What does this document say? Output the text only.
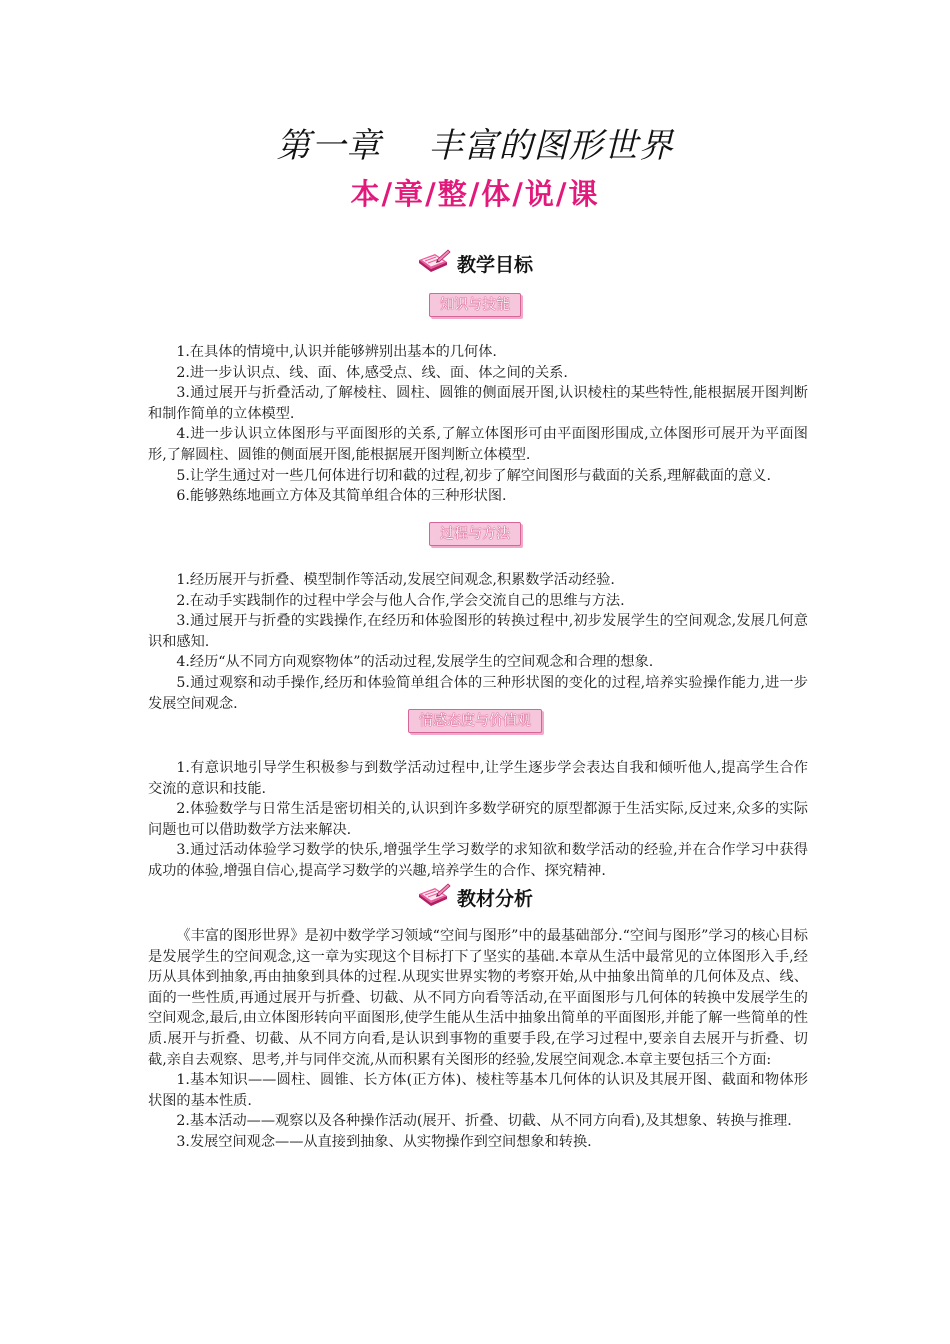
第一章    丰富的图形世界
本/章/整/体/说/课
教学目标
知识与技能

1.在具体的情境中,认识并能够辨别出基本的几何体.

2.进一步认识点、线、面、体,感受点、线、面、体之间的关系.

3.通过展开与折叠活动,了解棱柱、圆柱、圆锥的侧面展开图,认识棱柱的某些特性,能根据展开图判断和制作简单的立体模型.

4.进一步认识立体图形与平面图形的关系,了解立体图形可由平面图形围成,立体图形可展开为平面图形,了解圆柱、圆锥的侧面展开图,能根据展开图判断立体模型.

5.让学生通过对一些几何体进行切和截的过程,初步了解空间图形与截面的关系,理解截面的意义.

6.能够熟练地画立方体及其简单组合体的三种形状图.

过程与方法

1.经历展开与折叠、模型制作等活动,发展空间观念,积累数学活动经验.

2.在动手实践制作的过程中学会与他人合作,学会交流自己的思维与方法.

3.通过展开与折叠的实践操作,在经历和体验图形的转换过程中,初步发展学生的空间观念,发展几何意识和感知.

4.经历“从不同方向观察物体”的活动过程,发展学生的空间观念和合理的想象.

5.通过观察和动手操作,经历和体验简单组合体的三种形状图的变化的过程,培养实验操作能力,进一步发展空间观念.

情感态度与价值观

1.有意识地引导学生积极参与到数学活动过程中,让学生逐步学会表达自我和倾听他人,提高学生合作交流的意识和技能.

2.体验数学与日常生活是密切相关的,认识到许多数学研究的原型都源于生活实际,反过来,众多的实际问题也可以借助数学方法来解决.

3.通过活动体验学习数学的快乐,增强学生学习数学的求知欲和数学活动的经验,并在合作学习中获得成功的体验,增强自信心,提高学习数学的兴趣,培养学生的合作、探究精神.

教材分析

《丰富的图形世界》是初中数学学习领域“空间与图形”中的最基础部分.“空间与图形”学习的核心目标是发展学生的空间观念,这一章为实现这个目标打下了坚实的基础.本章从生活中最常见的立体图形入手,经历从具体到抽象,再由抽象到具体的过程.从现实世界实物的考察开始,从中抽象出简单的几何体及点、线、面的一些性质,再通过展开与折叠、切截、从不同方向看等活动,在平面图形与几何体的转换中发展学生的空间观念,最后,由立体图形转向平面图形,使学生能从生活中抽象出简单的平面图形,并能了解一些简单的性质.展开与折叠、切截、从不同方向看,是认识到事物的重要手段,在学习过程中,要亲自去展开与折叠、切截,亲自去观察、思考,并与同伴交流,从而积累有关图形的经验,发展空间观念.本章主要包括三个方面:

1.基本知识——圆柱、圆锥、长方体(正方体)、棱柱等基本几何体的认识及其展开图、截面和物体形状图的基本性质.

2.基本活动——观察以及各种操作活动(展开、折叠、切截、从不同方向看),及其想象、转换与推理.

3.发展空间观念——从直接到抽象、从实物操作到空间想象和转换.
